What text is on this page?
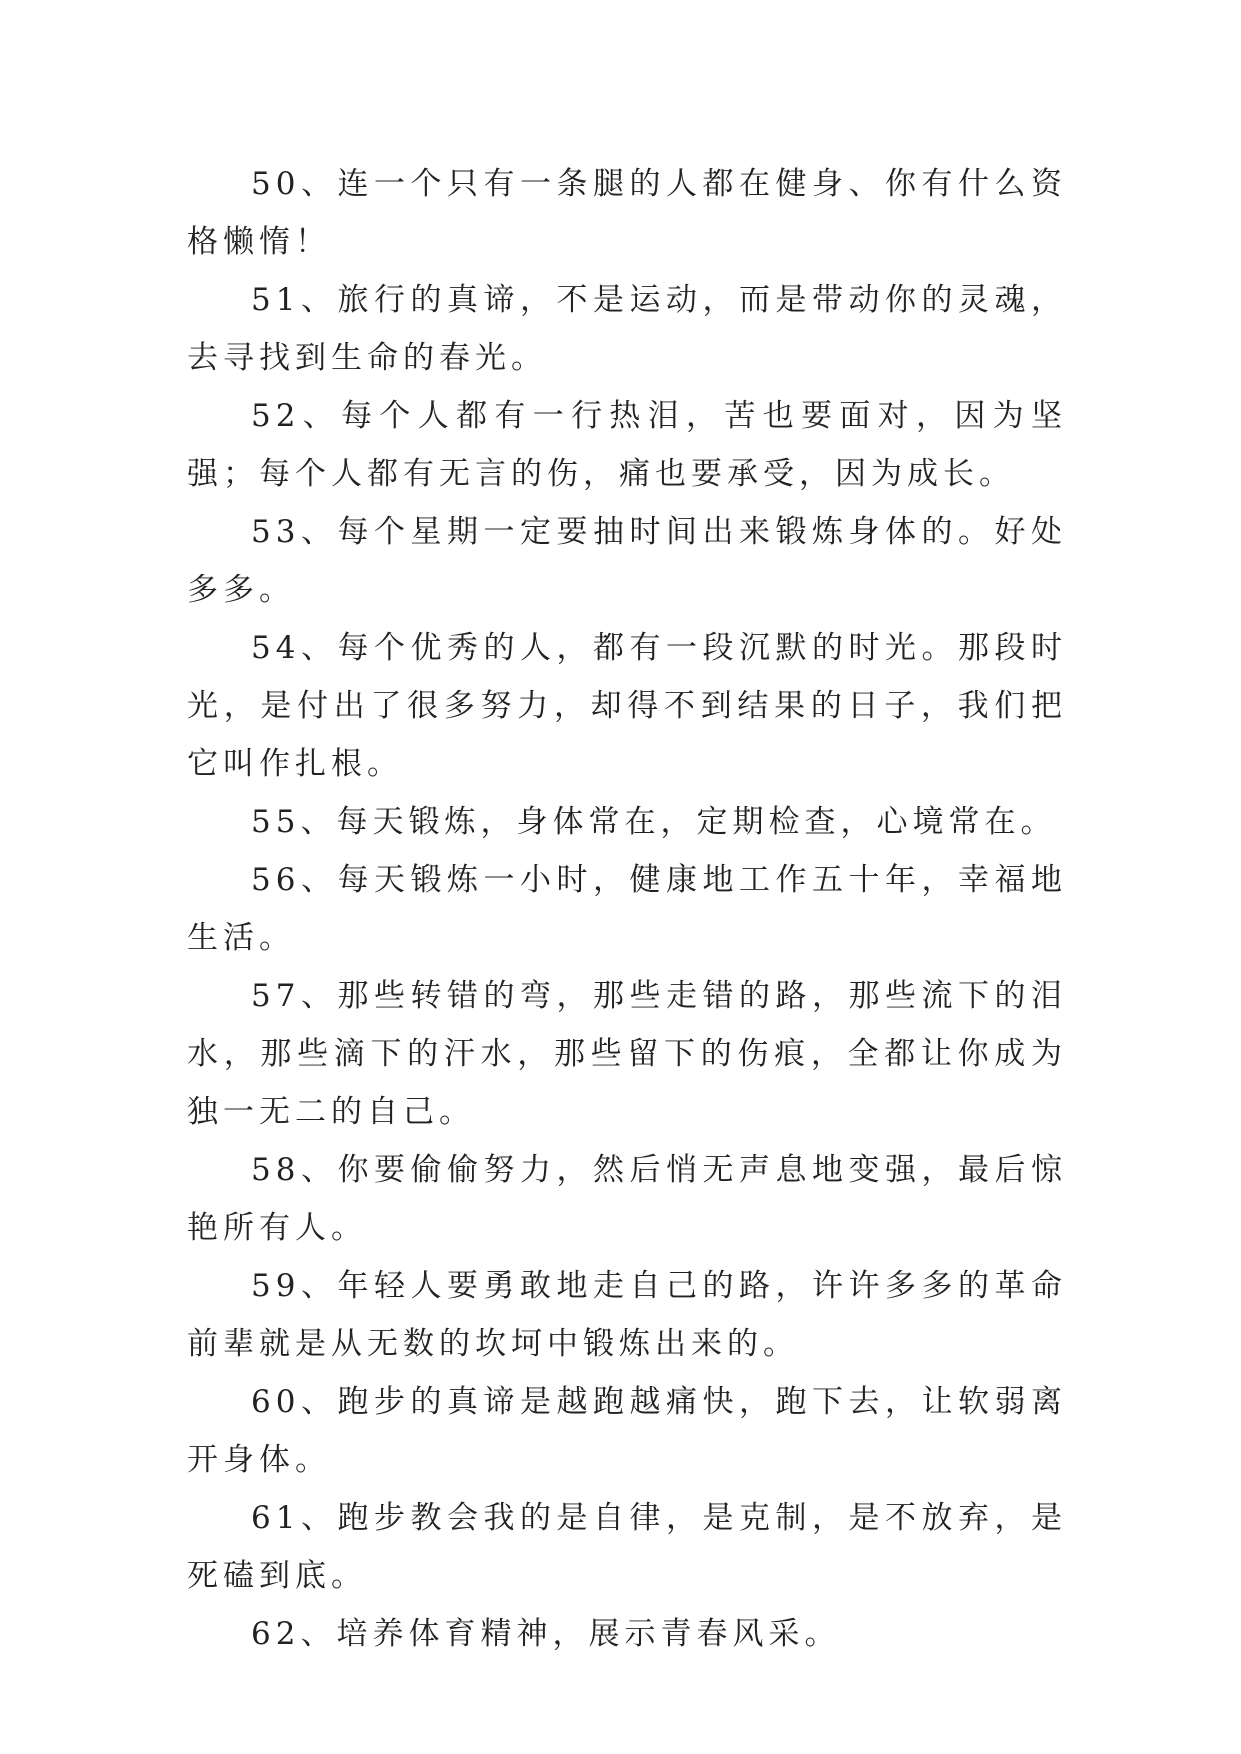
50、连一个只有一条腿的人都在健身、你有什么资格懒惰！

51、旅行的真谛，不是运动，而是带动你的灵魂，去寻找到生命的春光。

52、每个人都有一行热泪，苦也要面对，因为坚强；每个人都有无言的伤，痛也要承受，因为成长。

53、每个星期一定要抽时间出来锻炼身体的。好处多多。

54、每个优秀的人，都有一段沉默的时光。那段时光，是付出了很多努力，却得不到结果的日子，我们把它叫作扎根。

55、每天锻炼，身体常在，定期检查，心境常在。

56、每天锻炼一小时，健康地工作五十年，幸福地生活。

57、那些转错的弯，那些走错的路，那些流下的泪水，那些滴下的汗水，那些留下的伤痕，全都让你成为独一无二的自己。

58、你要偷偷努力，然后悄无声息地变强，最后惊艳所有人。

59、年轻人要勇敢地走自己的路，许许多多的革命前辈就是从无数的坎坷中锻炼出来的。

60、跑步的真谛是越跑越痛快，跑下去，让软弱离开身体。

61、跑步教会我的是自律，是克制，是不放弃，是死磕到底。

62、培养体育精神，展示青春风采。
